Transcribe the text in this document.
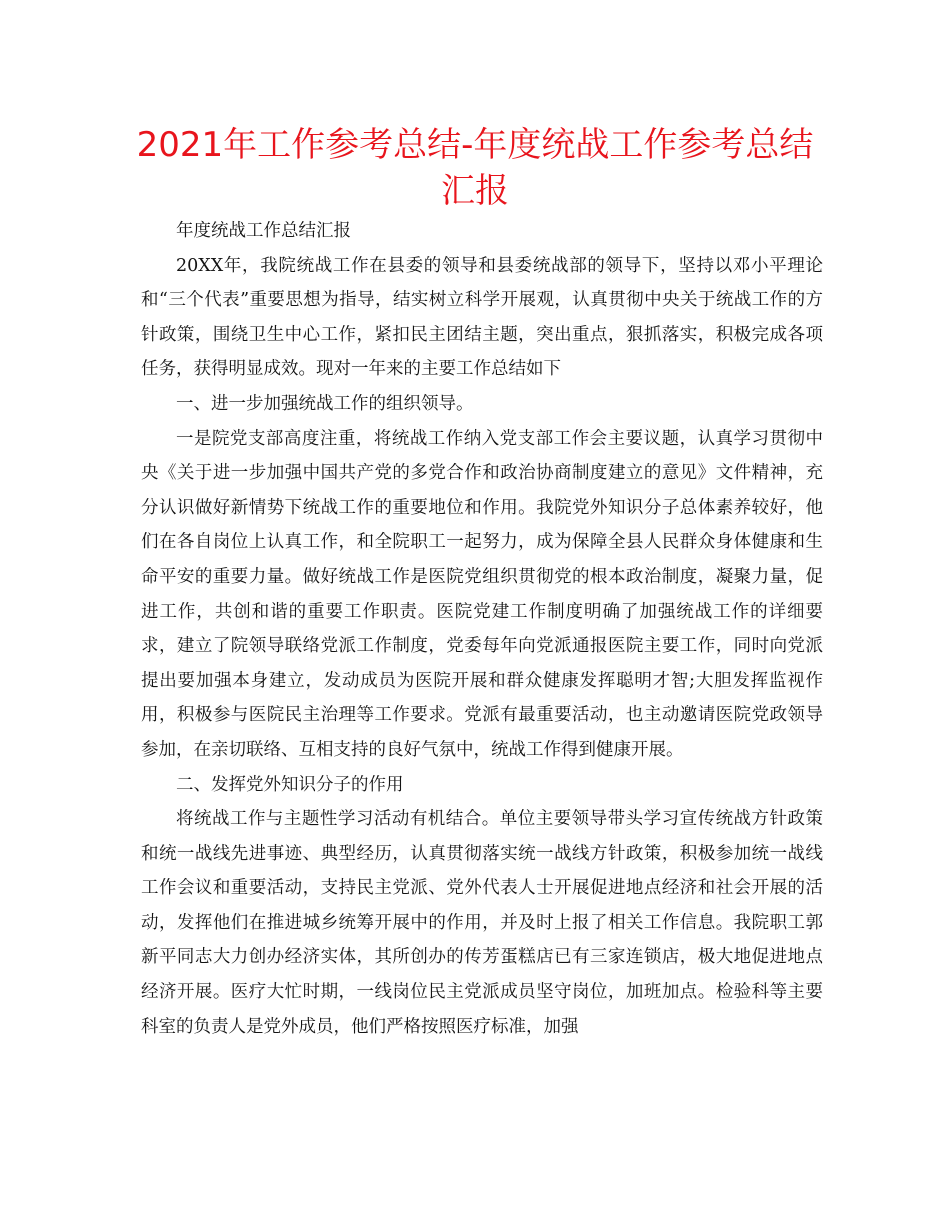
2021年工作参考总结-年度统战工作参考总结汇报

年度统战工作总结汇报

20XX年，我院统战工作在县委的领导和县委统战部的领导下，坚持以邓小平理论和“三个代表”重要思想为指导，结实树立科学开展观，认真贯彻中央关于统战工作的方针政策，围绕卫生中心工作，紧扣民主团结主题，突出重点，狠抓落实，积极完成各项任务，获得明显成效。现对一年来的主要工作总结如下

一、进一步加强统战工作的组织领导。

一是院党支部高度注重，将统战工作纳入党支部工作会主要议题，认真学习贯彻中央《关于进一步加强中国共产党的多党合作和政治协商制度建立的意见》文件精神，充分认识做好新情势下统战工作的重要地位和作用。我院党外知识分子总体素养较好，他们在各自岗位上认真工作，和全院职工一起努力，成为保障全县人民群众身体健康和生命平安的重要力量。做好统战工作是医院党组织贯彻党的根本政治制度，凝聚力量，促进工作，共创和谐的重要工作职责。医院党建工作制度明确了加强统战工作的详细要求，建立了院领导联络党派工作制度，党委每年向党派通报医院主要工作，同时向党派提出要加强本身建立，发动成员为医院开展和群众健康发挥聪明才智;大胆发挥监视作用，积极参与医院民主治理等工作要求。党派有最重要活动，也主动邀请医院党政领导参加，在亲切联络、互相支持的良好气氛中，统战工作得到健康开展。

二、发挥党外知识分子的作用

将统战工作与主题性学习活动有机结合。单位主要领导带头学习宣传统战方针政策和统一战线先进事迹、典型经历，认真贯彻落实统一战线方针政策，积极参加统一战线工作会议和重要活动，支持民主党派、党外代表人士开展促进地点经济和社会开展的活动，发挥他们在推进城乡统筹开展中的作用，并及时上报了相关工作信息。我院职工郭新平同志大力创办经济实体，其所创办的传芳蛋糕店已有三家连锁店，极大地促进地点经济开展。医疗大忙时期，一线岗位民主党派成员坚守岗位，加班加点。检验科等主要科室的负责人是党外成员，他们严格按照医疗标准，加强
